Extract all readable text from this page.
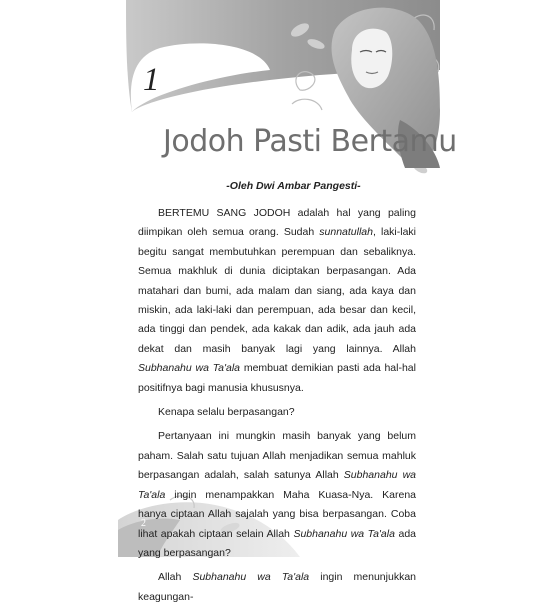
1
Jodoh Pasti Bertamu
-Oleh Dwi Ambar Pangesti-

BERTEMU SANG JODOH adalah hal yang paling diimpikan oleh semua orang. Sudah sunnatullah, laki-laki begitu sangat membutuhkan perempuan dan sebaliknya. Semua makhluk di dunia diciptakan berpasangan. Ada matahari dan bumi, ada malam dan siang, ada kaya dan miskin, ada laki-laki dan perempuan, ada besar dan kecil, ada tinggi dan pendek, ada kakak dan adik, ada jauh ada dekat dan masih banyak lagi yang lainnya. Allah Subhanahu wa Ta'ala membuat demikian pasti ada hal-hal positifnya bagi manusia khususnya.

Kenapa selalu berpasangan?

Pertanyaan ini mungkin masih banyak yang belum paham. Salah satu tujuan Allah menjadikan semua mahluk berpasangan adalah, salah satunya Allah Subhanahu wa Ta'ala ingin menampakkan Maha Kuasa-Nya. Karena hanya ciptaan Allah sajalah yang bisa berpasangan. Coba lihat apakah ciptaan selain Allah Subhanahu wa Ta'ala ada yang berpasangan?

Allah Subhanahu wa Ta'ala ingin menunjukkan keagungan-

2
